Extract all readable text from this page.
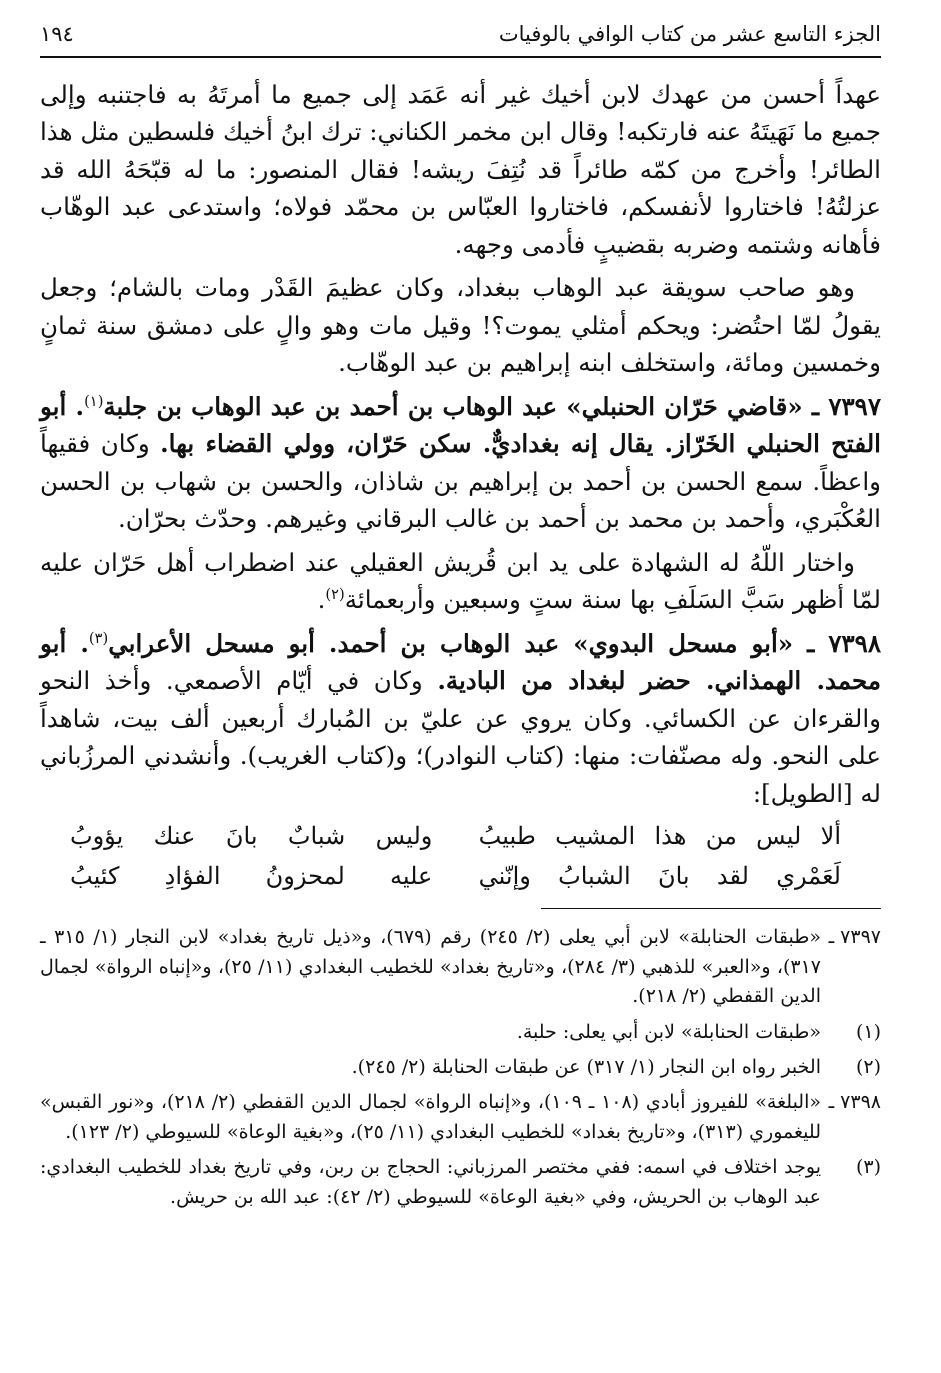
الجزء التاسع عشر من كتاب الوافي بالوفيات
١٩٤

عهداً أحسن من عهدك لابن أخيك غير أنه عَمَد إلى جميع ما أمرتَهُ به فاجتنبه وإلى جميع ما نَهَيتَهُ عنه فارتكبه! وقال ابن مخمر الكناني: ترك ابنُ أخيك فلسطين مثل هذا الطائر! وأخرج من كمّه طائراً قد نُتِفَ ريشه! فقال المنصور: ما له قبّحَهُ الله قد عزلتُهُ! فاختاروا لأنفسكم، فاختاروا العبّاس بن محمّد فولاه؛ واستدعى عبد الوهّاب فأهانه وشتمه وضربه بقضيبٍ فأدمى وجهه.

وهو صاحب سويقة عبد الوهاب ببغداد، وكان عظيمَ القَدْر ومات بالشام؛ وجعل يقولُ لمّا احتُضر: ويحكم أمثلي يموت؟! وقيل مات وهو والٍ على دمشق سنة ثمانٍ وخمسين ومائة، واستخلف ابنه إبراهيم بن عبد الوهّاب.

٧٣٩٧ ـ «قاضي حَرّان الحنبلي» عبد الوهاب بن أحمد بن عبد الوهاب بن جلبة$^{(١)}$. أبو الفتح الحنبلي الخَرّاز. يقال إنه بغداديٌّ. سكن حَرّان، وولي القضاء بها. وكان فقيهاً واعظاً. سمع الحسن بن أحمد بن إبراهيم بن شاذان، والحسن بن شهاب بن الحسن العُكْبَري، وأحمد بن محمد بن أحمد بن غالب البرقاني وغيرهم. وحدّث بحرّان.

واختار اللّهُ له الشهادة على يد ابن قُريش العقيلي عند اضطراب أهل حَرّان عليه لمّا أظهر سَبَّ السَلَفِ بها سنة ستٍ وسبعين وأربعمائة$^{(٢)}$.

٧٣٩٨ ـ «أبو مسحل البدوي» عبد الوهاب بن أحمد. أبو مسحل الأعرابي$^{(٣)}$. أبو محمد. الهمذاني. حضر لبغداد من البادية. وكان في أيّام الأصمعي. وأخذ النحو والقرءان عن الكسائي. وكان يروي عن عليّ بن المُبارك أربعين ألف بيت، شاهداً على النحو. وله مصنّفات: منها: (كتاب النوادر)؛ و(كتاب الغريب). وأنشدني المرزُباني له [الطويل]:

ألا ليس من هذا المشيب طبيبُ
وليس شبابٌ بانَ عنك يؤوبُ
لَعَمْري لقد بانَ الشبابُ وإنّني
عليه لمحزونُ الفؤادِ كئيبُ
٧٣٩٧ ـ
«طبقات الحنابلة» لابن أبي يعلى (٢/ ٢٤٥) رقم (٦٧٩)، و«ذيل تاريخ بغداد» لابن النجار (١/ ٣١٥ ـ ٣١٧)، و«العبر» للذهبي (٣/ ٢٨٤)، و«تاريخ بغداد» للخطيب البغدادي (١١/ ٢٥)، و«إنباه الرواة» لجمال الدين القفطي (٢/ ٢١٨).
(١)
«طبقات الحنابلة» لابن أبي يعلى: حلبة.
(٢)
الخبر رواه ابن النجار (١/ ٣١٧) عن طبقات الحنابلة (٢/ ٢٤٥).
٧٣٩٨ ـ
«البلغة» للفيروز أبادي (١٠٨ ـ ١٠٩)، و«إنباه الرواة» لجمال الدين القفطي (٢/ ٢١٨)، و«نور القبس» لليغموري (٣١٣)، و«تاريخ بغداد» للخطيب البغدادي (١١/ ٢٥)، و«بغية الوعاة» للسيوطي (٢/ ١٢٣).
(٣)
يوجد اختلاف في اسمه: ففي مختصر المرزباني: الحجاج بن ربن، وفي تاريخ بغداد للخطيب البغدادي: عبد الوهاب بن الحريش، وفي «بغية الوعاة» للسيوطي (٢/ ٤٢): عبد الله بن حريش.
